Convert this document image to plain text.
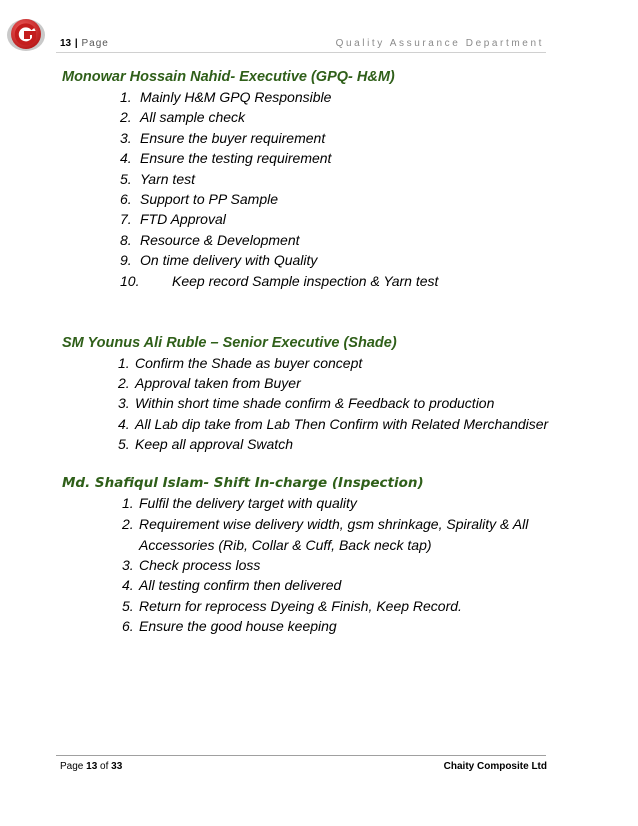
13 | Page	Quality Assurance Department

Monowar Hossain Nahid- Executive (GPQ- H&M)

1. Mainly H&M GPQ Responsible
2. All sample check
3. Ensure the buyer requirement
4. Ensure the testing requirement
5. Yarn test
6. Support to PP Sample
7. FTD Approval
8. Resource & Development
9. On time delivery with Quality
10. Keep record Sample inspection & Yarn test

SM Younus Ali Ruble – Senior Executive (Shade)

1. Confirm the Shade as buyer concept
2. Approval taken from Buyer
3. Within short time shade confirm & Feedback to production
4. All Lab dip take from Lab Then Confirm with Related Merchandiser
5. Keep all approval Swatch

Md. Shafiqul Islam- Shift In-charge (Inspection)

1. Fulfil the delivery target with quality
2. Requirement wise delivery width, gsm shrinkage, Spirality & All Accessories (Rib, Collar & Cuff, Back neck tap)
3. Check process loss
4. All testing confirm then delivered
5. Return for reprocess Dyeing & Finish, Keep Record.
6. Ensure the good house keeping
Page 13 of 33	Chaity Composite Ltd
